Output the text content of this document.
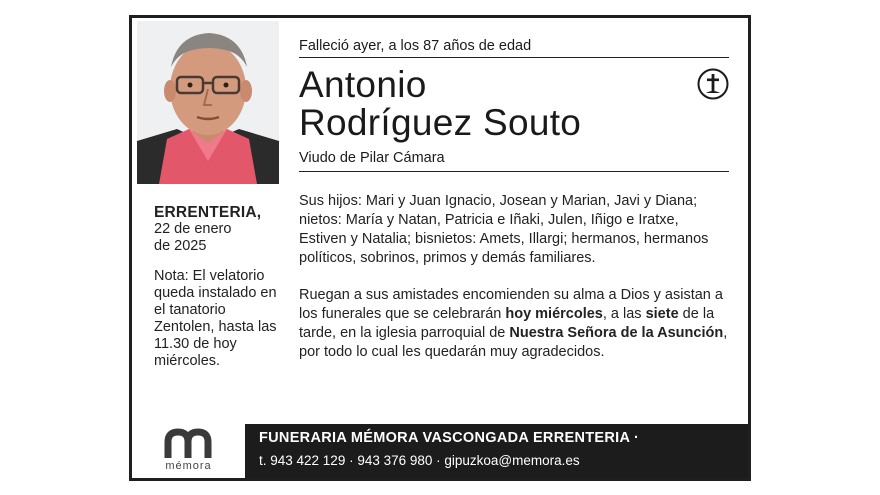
ERRENTERIA,
22 de enero
de 2025
Nota: El velatorio queda instalado en el tanatorio Zentolen, hasta las 11.30 de hoy miércoles.
Falleció ayer, a los 87 años de edad
Antonio
Rodríguez Souto
Viudo de Pilar Cámara

Sus hijos: Mari y Juan Ignacio, Josean y Marian, Javi y Diana; nietos: María y Natan, Patricia e Iñaki, Julen, Iñigo e Iratxe, Estiven y Natalia; bisnietos: Amets, Illargi; hermanos, hermanos políticos, sobrinos, primos y demás familiares.

Ruegan a sus amistades encomienden su alma a Dios y asistan a los funerales que se celebrarán hoy miércoles, a las siete de la tarde, en la iglesia parroquial de Nuestra Señora de la Asunción, por todo lo cual les quedarán muy agradecidos.

mémora
FUNERARIA MÉMORA VASCONGADA ERRENTERIA ·
t. 943 422 129 · 943 376 980 · gipuzkoa@memora.es
